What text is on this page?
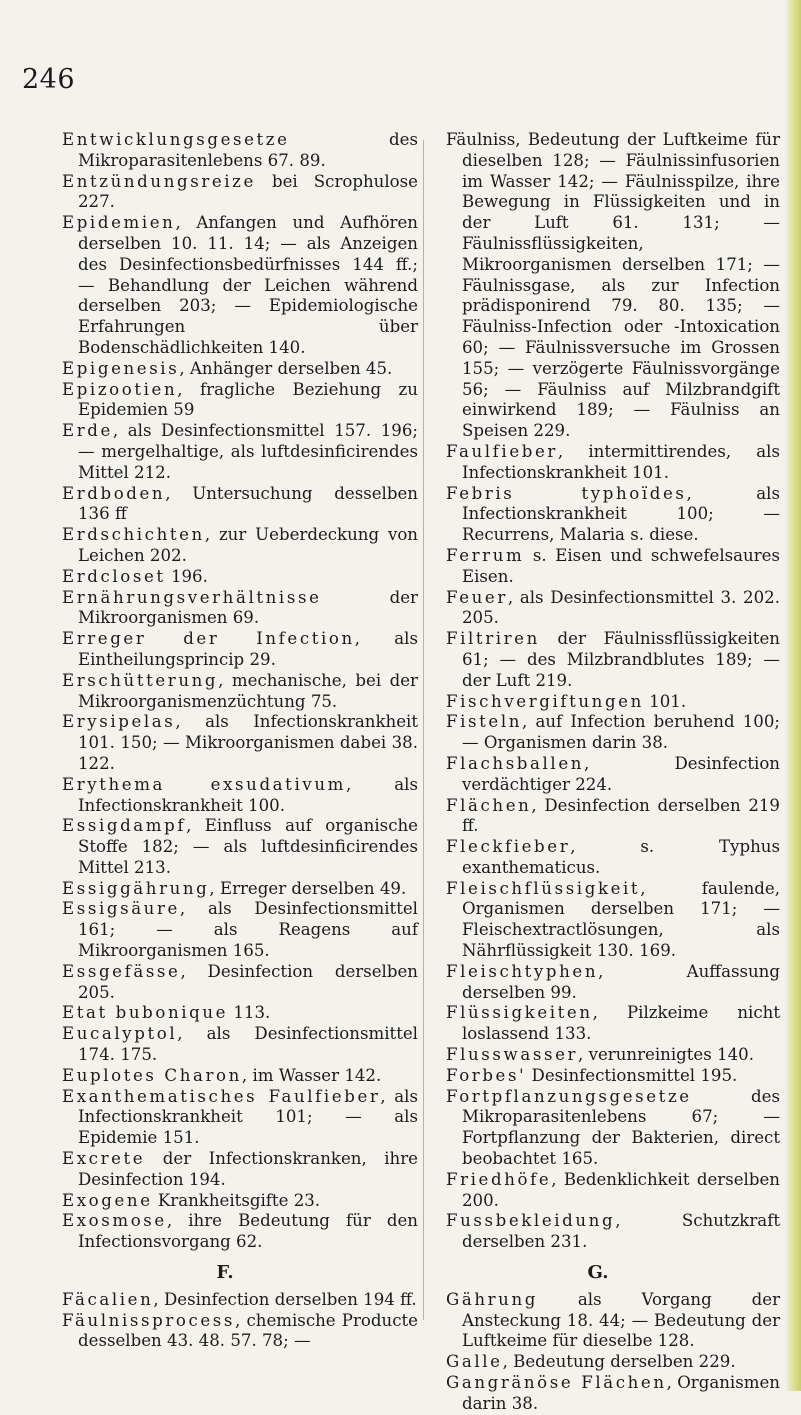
246

Entwicklungsgesetze des Mikroparasitenlebens 67. 89.

Entzündungsreize bei Scrophulose 227.

Epidemien, Anfangen und Aufhören derselben 10. 11. 14; — als Anzeigen des Desinfectionsbedürfnisses 144 ff.; — Behandlung der Leichen während derselben 203; — Epidemiologische Erfahrungen über Bodenschädlichkeiten 140.

Epigenesis, Anhänger derselben 45.

Epizootien, fragliche Beziehung zu Epidemien 59

Erde, als Desinfectionsmittel 157. 196; — mergelhaltige, als luftdesinficirendes Mittel 212.

Erdboden, Untersuchung desselben 136 ff

Erdschichten, zur Ueberdeckung von Leichen 202.

Erdcloset 196.

Ernährungsverhältnisse der Mikroorganismen 69.

Erreger der Infection, als Eintheilungsprincip 29.

Erschütterung, mechanische, bei der Mikroorganismenzüchtung 75.

Erysipelas, als Infectionskrankheit 101. 150; — Mikroorganismen dabei 38. 122.

Erythema exsudativum, als Infectionskrankheit 100.

Essigdampf, Einfluss auf organische Stoffe 182; — als luftdesinficirendes Mittel 213.

Essiggährung, Erreger derselben 49.

Essigsäure, als Desinfectionsmittel 161; — als Reagens auf Mikroorganismen 165.

Essgefässe, Desinfection derselben 205.

Etat bubonique 113.

Eucalyptol, als Desinfectionsmittel 174. 175.

Euplotes Charon, im Wasser 142.

Exanthematisches Faulfieber, als Infectionskrankheit 101; — als Epidemie 151.

Excrete der Infectionskranken, ihre Desinfection 194.

Exogene Krankheitsgifte 23.

Exosmose, ihre Bedeutung für den Infectionsvorgang 62.

F.

Fäcalien, Desinfection derselben 194 ff.

Fäulnissprocess, chemische Producte desselben 43. 48. 57. 78; —

Fäulniss, Bedeutung der Luftkeime für dieselben 128; — Fäulnissinfusorien im Wasser 142; — Fäulnisspilze, ihre Bewegung in Flüssigkeiten und in der Luft 61. 131; — Fäulnissflüssigkeiten, Mikroorganismen derselben 171; — Fäulnissgase, als zur Infection prädisponirend 79. 80. 135; — Fäulniss-Infection oder -Intoxication 60; — Fäulnissversuche im Grossen 155; — verzögerte Fäulnissvorgänge 56; — Fäulniss auf Milzbrandgift einwirkend 189; — Fäulniss an Speisen 229.

Faulfieber, intermittirendes, als Infectionskrankheit 101.

Febris typhoïdes, als Infectionskrankheit 100; —Recurrens, Malaria s. diese.

Ferrum s. Eisen und schwefelsaures Eisen.

Feuer, als Desinfectionsmittel 3. 202. 205.

Filtriren der Fäulnissflüssigkeiten 61; — des Milzbrandblutes 189; — der Luft 219.

Fischvergiftungen 101.

Fisteln, auf Infection beruhend 100; — Organismen darin 38.

Flachsballen, Desinfection verdächtiger 224.

Flächen, Desinfection derselben 219 ff.

Fleckfieber, s. Typhus exanthematicus.

Fleischflüssigkeit, faulende, Organismen derselben 171; — Fleischextractlösungen, als Nährflüssigkeit 130. 169.

Fleischtyphen, Auffassung derselben 99.

Flüssigkeiten, Pilzkeime nicht loslassend 133.

Flusswasser, verunreinigtes 140.

Forbes' Desinfectionsmittel 195.

Fortpflanzungsgesetze des Mikroparasitenlebens 67; — Fortpflanzung der Bakterien, direct beobachtet 165.

Friedhöfe, Bedenklichkeit derselben 200.

Fussbekleidung, Schutzkraft derselben 231.

G.

Gährung als Vorgang der Ansteckung 18. 44; — Bedeutung der Luftkeime für dieselbe 128.

Galle, Bedeutung derselben 229.

Gangränöse Flächen, Organismen darin 38.
